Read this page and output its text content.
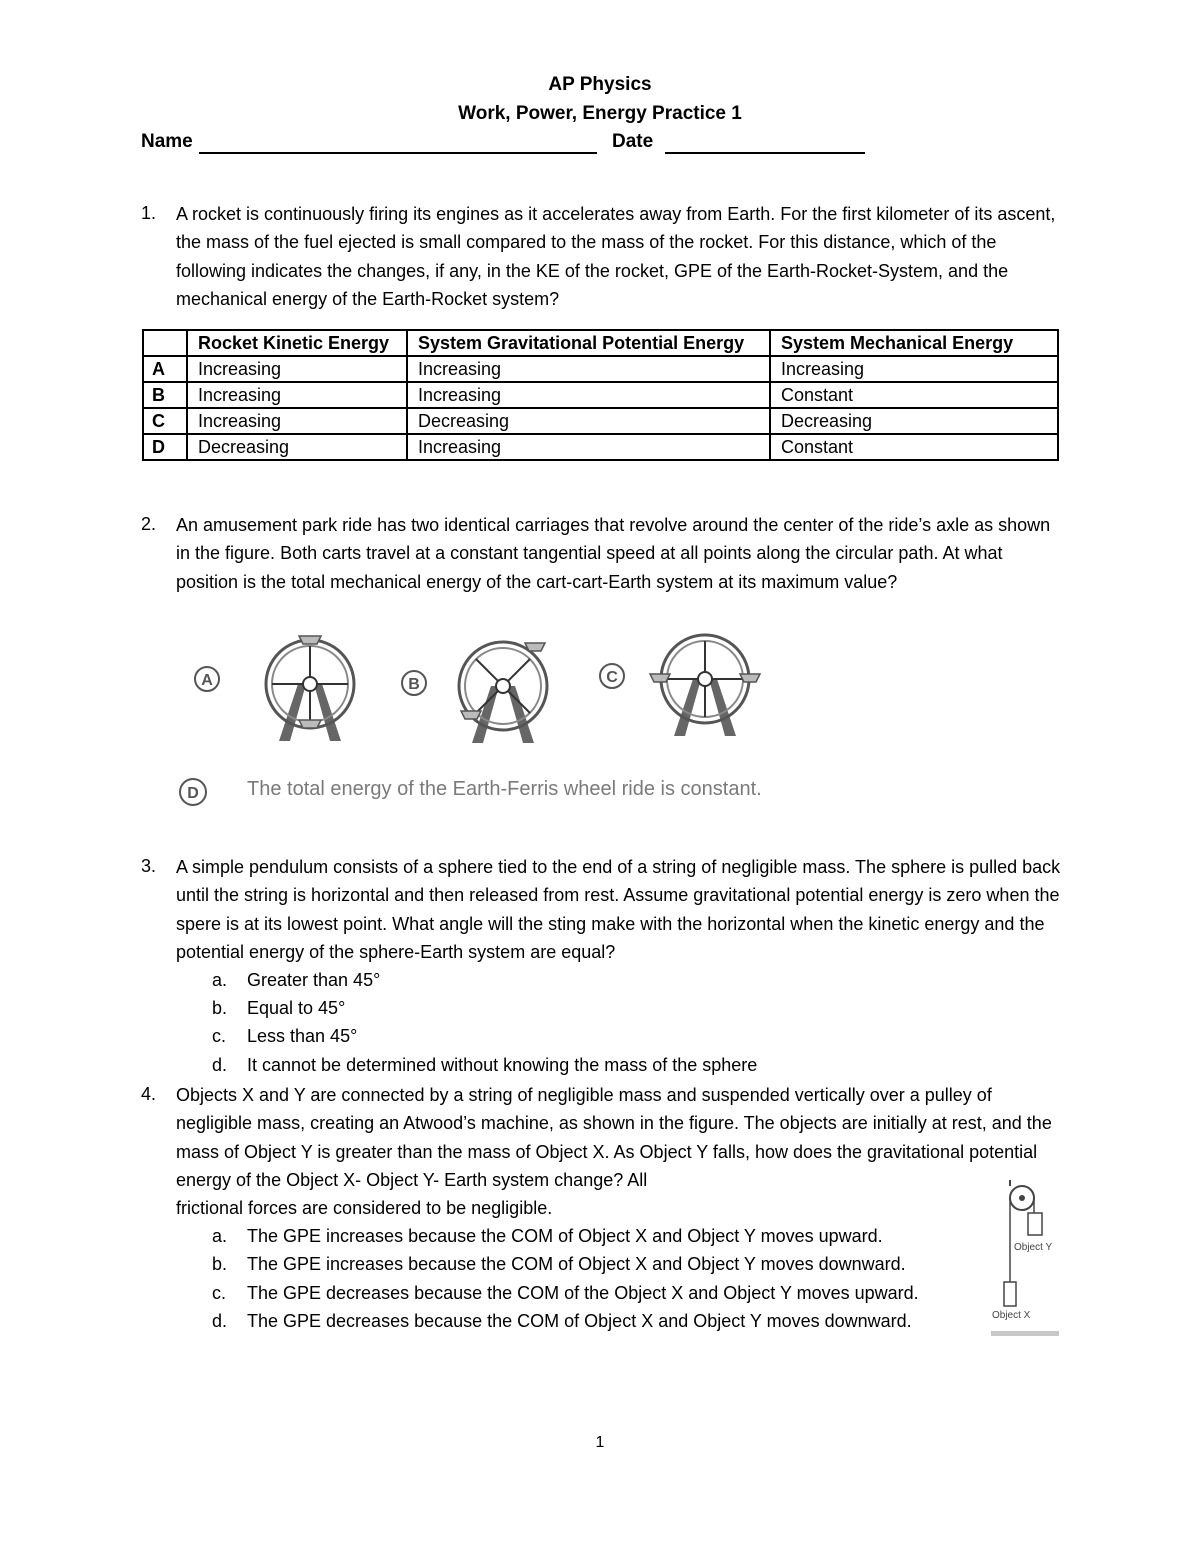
AP Physics
Work, Power, Energy Practice 1
Name	Date
1. A rocket is continuously firing its engines as it accelerates away from Earth. For the first kilometer of its ascent, the mass of the fuel ejected is small compared to the mass of the rocket. For this distance, which of the following indicates the changes, if any, in the KE of the rocket, GPE of the Earth-Rocket-System, and the mechanical energy of the Earth-Rocket system?
	Rocket Kinetic Energy	System Gravitational Potential Energy	System Mechanical Energy
A	Increasing	Increasing	Increasing
B	Increasing	Increasing	Constant
C	Increasing	Decreasing	Decreasing
D	Decreasing	Increasing	Constant
2. An amusement park ride has two identical carriages that revolve around the center of the ride’s axle as shown in the figure. Both carts travel at a constant tangential speed at all points along the circular path. At what position is the total mechanical energy of the cart-cart-Earth system at its maximum value?
A	B	C
D The total energy of the Earth-Ferris wheel ride is constant.
3. A simple pendulum consists of a sphere tied to the end of a string of negligible mass. The sphere is pulled back until the string is horizontal and then released from rest. Assume gravitational potential energy is zero when the spere is at its lowest point. What angle will the sting make with the horizontal when the kinetic energy and the potential energy of the sphere-Earth system are equal?
a. Greater than 45°
b. Equal to 45°
c. Less than 45°
d. It cannot be determined without knowing the mass of the sphere
4. Objects X and Y are connected by a string of negligible mass and suspended vertically over a pulley of negligible mass, creating an Atwood’s machine, as shown in the figure. The objects are initially at rest, and the mass of Object Y is greater than the mass of Object X. As Object Y falls, how does the gravitational potential energy of the Object X- Object Y- Earth system change? All
frictional forces are considered to be negligible.
a. The GPE increases because the COM of Object X and Object Y moves upward.
b. The GPE increases because the COM of Object X and Object Y moves downward.
c. The GPE decreases because the COM of the Object X and Object Y moves upward.
d. The GPE decreases because the COM of Object X and Object Y moves downward.
Object Y
Object X
1
